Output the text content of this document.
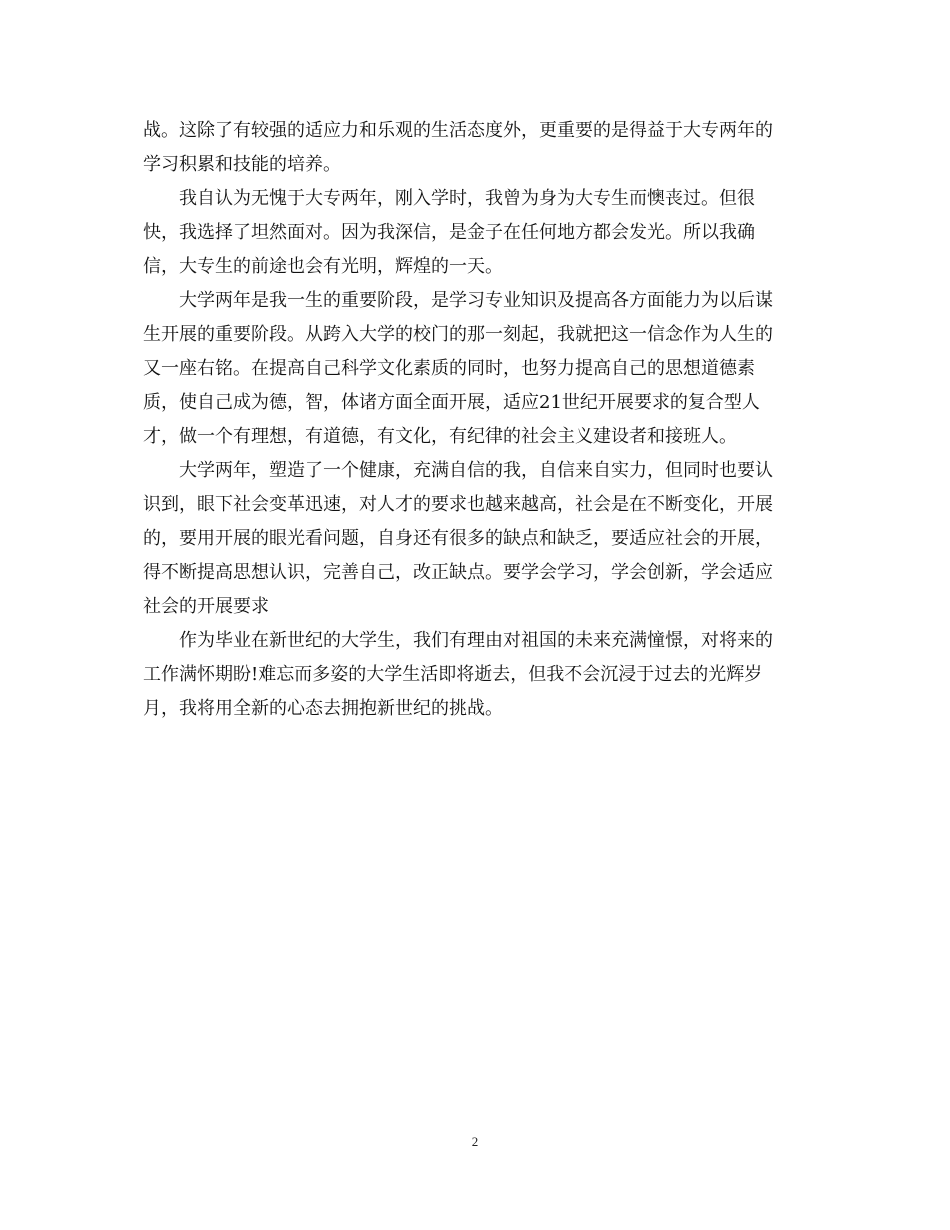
战。这除了有较强的适应力和乐观的生活态度外，更重要的是得益于大专两年的
学习积累和技能的培养。
我自认为无愧于大专两年，刚入学时，我曾为身为大专生而懊丧过。但很
快，我选择了坦然面对。因为我深信，是金子在任何地方都会发光。所以我确
信，大专生的前途也会有光明，辉煌的一天。
大学两年是我一生的重要阶段，是学习专业知识及提高各方面能力为以后谋
生开展的重要阶段。从跨入大学的校门的那一刻起，我就把这一信念作为人生的
又一座右铭。在提高自己科学文化素质的同时，也努力提高自己的思想道德素
质，使自己成为德，智，体诸方面全面开展，适应21世纪开展要求的复合型人
才，做一个有理想，有道德，有文化，有纪律的社会主义建设者和接班人。
大学两年，塑造了一个健康，充满自信的我，自信来自实力，但同时也要认
识到，眼下社会变革迅速，对人才的要求也越来越高，社会是在不断变化，开展
的，要用开展的眼光看问题，自身还有很多的缺点和缺乏，要适应社会的开展，
得不断提高思想认识，完善自己，改正缺点。要学会学习，学会创新，学会适应
社会的开展要求
作为毕业在新世纪的大学生，我们有理由对祖国的未来充满憧憬，对将来的
工作满怀期盼!难忘而多姿的大学生活即将逝去，但我不会沉浸于过去的光辉岁
月，我将用全新的心态去拥抱新世纪的挑战。
2
